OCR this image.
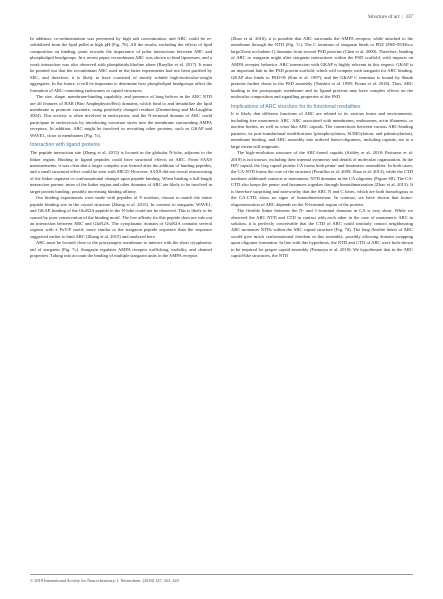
Structure of arc | 337

In addition, co-sedimentation was prevented by high salt concentration, and ARC could be re-solubilized from the lipid pellet at high pH (Fig. 7b). All the results, including the effects of lipid composition on binding, point towards the importance of polar interactions between ARC and phospholipid headgroups. In a recent paper, recombinant ARC was shown to bind liposomes, and a weak interaction was also observed with phosphatidylcholine alone (Barylko et al. 2017). It must be pointed out that the recombinant ARC used in the latter experiments had not been purified by SEC, and therefore, it is likely to have consisted of mostly soluble high-molecular-weight aggregates. In the future, it will be important to determine how phospholipid headgroups affect the formation of ARC-containing endosomes or capsid structures.

The size, shape, membrane-binding capability, and presence of long helices in the ARC NTD are all features of BAR (Bin/ Amphiphysin/Rvs) domains, which bind to and destabilize the lipid membrane to promote curvature, using positively charged residues (Zimmerberg and McLaughlin 2004). This activity is often involved in endocytosis, and the N-terminal domain of ARC could participate in endocytosis by introducing curvature stress into the membrane surrounding AMPA receptors. In addition, ARC might be involved in recruiting other proteins, such as GKAP and WAVE1, close to membranes (Fig. 7c).

Interaction with ligand proteins

The peptide interaction site (Zhang et al. 2015) is located in the globular N-lobe, adjacent to the linker region. Binding to ligand peptides could have structural effects on ARC. From SAXS measurements, it was clear that a larger complex was formed after the addition of binding peptides, and a small structural effect could be seen with SRCD. However, SAXS did not reveal restructuring of the linker segment or conformational changes upon peptide binding. When binding a full-length interaction partner, more of the linker region and other domains of ARC are likely to be involved in target protein binding, possibly increasing binding affinity.

Our binding experiments were made with peptides of 8 residues, chosen to match the entire peptide binding site in the crystal structure (Zhang et al. 2015). In contrast to stargazin, WAVE1, and GKAP, binding of the GluN2A peptide to the N-lobe could not be observed. This is likely to be caused by poor conservation of the binding motif. The low affinity for this peptide does not rule out an interaction between ARC and GluN2A. The cytoplasmic domain of GluN2A contains several regions with a PxY/F motif, more similar to the stargazin peptide sequence than the sequence suggested earlier to bind ARC (Zhang et al. 2015) and analyzed here.

ARC must be located close to the postsynaptic membrane to interact with the short cytoplasmic tail of stargazin (Fig. 7c). Stargazin regulates AMPA receptor trafficking, mobility, and channel properties. Taking into account the binding of multiple stargazin units to the AMPA receptor

(Zhao et al. 2016), it is possible that ARC surrounds the AMPA receptor, while attached to the membrane through the NTD (Fig. 7c). The C terminus of stargazin binds to PDZ (PSD-95/Discs large/Zona occludens-1) domains from several PSD proteins (Chen et al. 2000). Therefore, binding of ARC to stargazin might alter stargazin interactions within the PSD scaffold, with impacts on AMPA receptor behavior. ARC interaction with GKAP is highly relevant in this respect. GKAP is an important hub in the PSD protein scaffold, which will compete with stargazin for ARC binding. GKAP also binds to PSD-95 (Kim et al. 1997), and the GKAP C terminus is bound by Shank proteins further down in the PSD assembly (Naisbitt et al. 1999; Ponna et al. 2018). Thus, ARC binding to the postsynaptic membrane and its ligand proteins may have complex effects on the molecular composition and signalling properties of the PSD.

Implications of ARC structure for its functional modalities

It is likely that different functions of ARC are related to its various forms and environments, including free monomeric ARC, ARC associated with membranes, endosomes, actin filaments, or nuclear bodies, as well as virus-like ARC capsids. The connections between various ARC-binding partners, its post-translational modifications (phosphorylation, SUMOylation, and palmitoylation), membrane binding, and ARC assembly into ordered homo-oligomers, including capsids, are to a large extent still enigmatic.

The high-resolution structure of the ARC-based capsids (Ashley et al. 2018; Pastuzyn et al. 2018) is not known, including their internal symmetry and details of molecular organization. In the HIV capsid, the Gag capsid protein CA forms both penta- and hexameric assemblies. In both cases, the CA-NTD forms the core of the structure (Pornillos et al. 2009; Zhao et al. 2013), while the CTD mediates additional contacts to monomeric NTD domains in the CA oligomer (Figure S8). The CA-CTD also keeps the penta- and hexamers together through homodimerization (Zhao et al. 2013). It is therefore surprising and noteworthy that the ARC N and C lobes, which are both homologous to the CA-CTD, show no signs of homodimerization. In contrast, we have shown that homo-oligomerization of ARC depends on the N-terminal region of the protein.

The flexible linker between the N- and C-terminal domains in CA is very short. While we observed the ARC NTD and CTD in contact with each other in the case of monomeric ARC in solution, it is perfectly conceivable that the CTD of ARC could similarly contact neighbouring ARC monomer NTDs within the ARC capsid structure (Fig. 7d). The long flexible linker of ARC would give much conformational freedom in this assembly, possibly allowing domain swapping upon oligomer formation. In line with this hypothesis, the NTD and CTD of ARC were both shown to be required for proper capsid assembly (Pastuzyn et al. 2018). We hypothesize that in the ARC capsid-like structures, the NTD

© 2018 International Society for Neurochemistry, J. Neurochem. (2018) 147, 323–343
